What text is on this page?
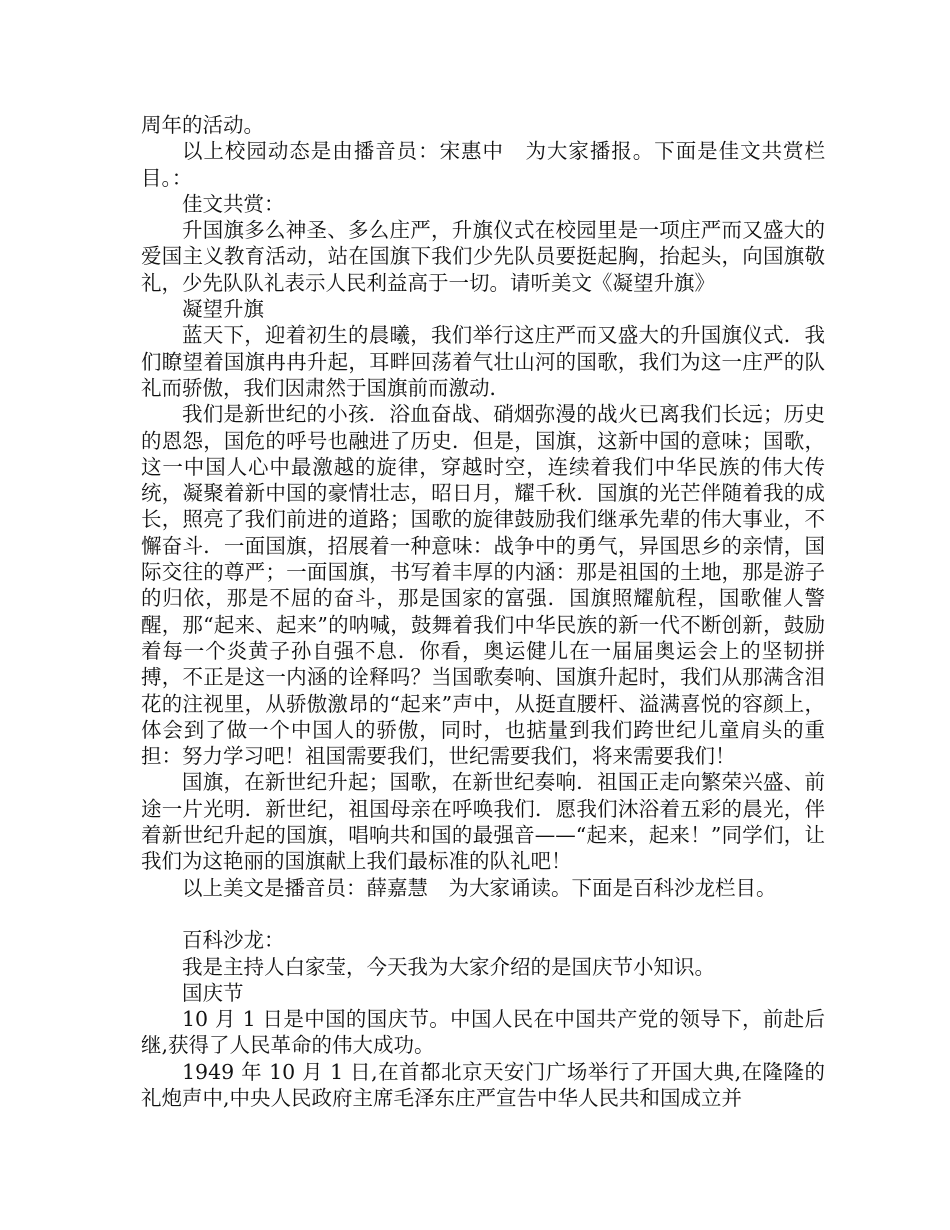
周年的活动。

以上校园动态是由播音员：宋惠中　为大家播报。下面是佳文共赏栏目。：

佳文共赏：

升国旗多么神圣、多么庄严，升旗仪式在校园里是一项庄严而又盛大的爱国主义教育活动，站在国旗下我们少先队员要挺起胸，抬起头，向国旗敬礼，少先队队礼表示人民利益高于一切。请听美文《凝望升旗》

凝望升旗

蓝天下，迎着初生的晨曦，我们举行这庄严而又盛大的升国旗仪式．我们瞭望着国旗冉冉升起，耳畔回荡着气壮山河的国歌，我们为这一庄严的队礼而骄傲，我们因肃然于国旗前而激动．

我们是新世纪的小孩．浴血奋战、硝烟弥漫的战火已离我们长远；历史的恩怨，国危的呼号也融进了历史．但是，国旗，这新中国的意味；国歌，这一中国人心中最激越的旋律，穿越时空，连续着我们中华民族的伟大传统，凝聚着新中国的豪情壮志，昭日月，耀千秋．国旗的光芒伴随着我的成长，照亮了我们前进的道路；国歌的旋律鼓励我们继承先辈的伟大事业，不懈奋斗．一面国旗，招展着一种意味：战争中的勇气，异国思乡的亲情，国际交往的尊严；一面国旗，书写着丰厚的内涵：那是祖国的土地，那是游子的归依，那是不屈的奋斗，那是国家的富强．国旗照耀航程，国歌催人警醒，那“起来、起来”的呐喊，鼓舞着我们中华民族的新一代不断创新，鼓励着每一个炎黄子孙自强不息．你看，奥运健儿在一届届奥运会上的坚韧拼搏，不正是这一内涵的诠释吗？当国歌奏响、国旗升起时，我们从那满含泪花的注视里，从骄傲激昂的“起来”声中，从挺直腰杆、溢满喜悦的容颜上，体会到了做一个中国人的骄傲，同时，也掂量到我们跨世纪儿童肩头的重担：努力学习吧！祖国需要我们，世纪需要我们，将来需要我们！

国旗，在新世纪升起；国歌，在新世纪奏响．祖国正走向繁荣兴盛、前途一片光明．新世纪，祖国母亲在呼唤我们．愿我们沐浴着五彩的晨光，伴着新世纪升起的国旗，唱响共和国的最强音——“起来，起来！”同学们，让我们为这艳丽的国旗献上我们最标准的队礼吧！

以上美文是播音员：薛嘉慧　为大家诵读。下面是百科沙龙栏目。

百科沙龙：

我是主持人白家莹，今天我为大家介绍的是国庆节小知识。

国庆节

10 月 1 日是中国的国庆节。中国人民在中国共产党的领导下，前赴后继,获得了人民革命的伟大成功。

1949 年 10 月 1 日,在首都北京天安门广场举行了开国大典,在隆隆的礼炮声中,中央人民政府主席毛泽东庄严宣告中华人民共和国成立并
